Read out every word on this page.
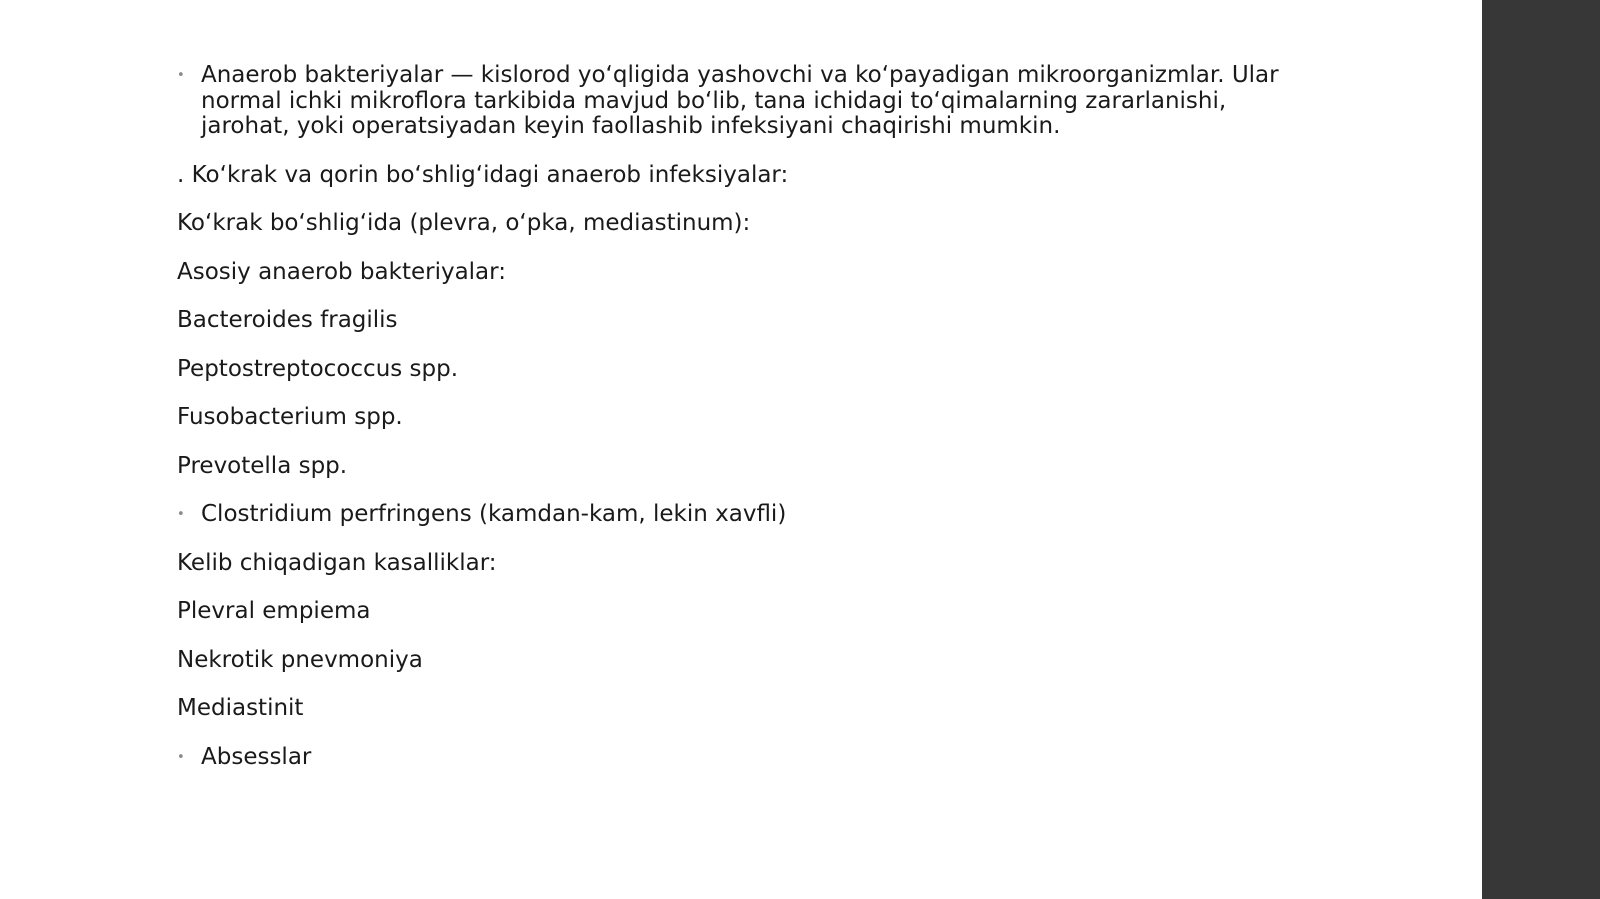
• Anaerob bakteriyalar — kislorod yo‘qligida yashovchi va ko‘payadigan mikroorganizmlar. Ular normal ichki mikroflora tarkibida mavjud bo‘lib, tana ichidagi to‘qimalarning zararlanishi, jarohat, yoki operatsiyadan keyin faollashib infeksiyani chaqirishi mumkin.
. Ko‘krak va qorin bo‘shlig‘idagi anaerob infeksiyalar:
Ko‘krak bo‘shlig‘ida (plevra, o‘pka, mediastinum):
Asosiy anaerob bakteriyalar:
Bacteroides fragilis
Peptostreptococcus spp.
Fusobacterium spp.
Prevotella spp.
• Clostridium perfringens (kamdan-kam, lekin xavfli)
Kelib chiqadigan kasalliklar:
Plevral empiema
Nekrotik pnevmoniya
Mediastinit
• Absesslar
